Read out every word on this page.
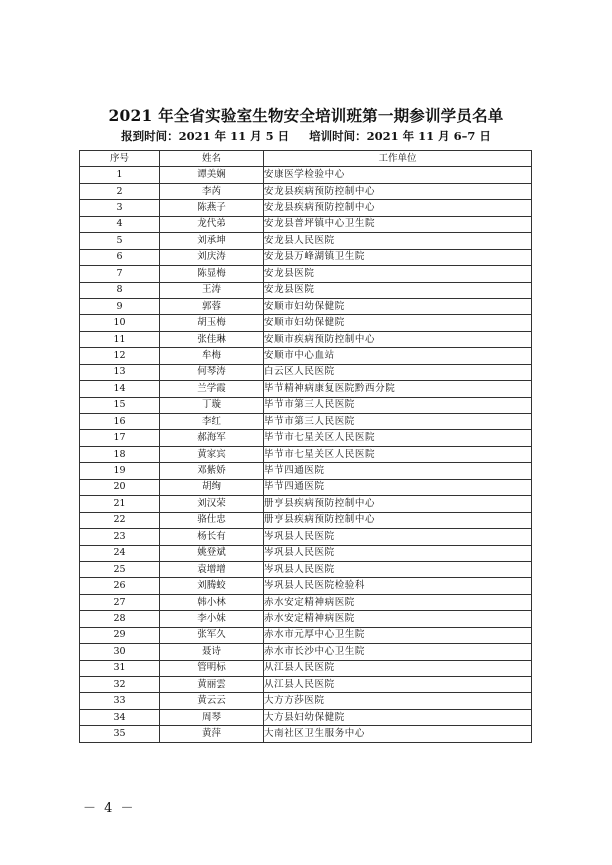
2021 年全省实验室生物安全培训班第一期参训学员名单
报到时间：2021 年 11 月 5 日 培训时间：2021 年 11 月 6–7 日
序号	姓名	工作单位
1	谭美娴	安康医学检验中心
2	李芮	安龙县疾病预防控制中心
3	陈燕子	安龙县疾病预防控制中心
4	龙代弟	安龙县普坪镇中心卫生院
5	刘承坤	安龙县人民医院
6	刘庆涛	安龙县万峰湖镇卫生院
7	陈显梅	安龙县医院
8	王涛	安龙县医院
9	郭蓉	安顺市妇幼保健院
10	胡玉梅	安顺市妇幼保健院
11	张佳琳	安顺市疾病预防控制中心
12	牟梅	安顺市中心血站
13	何琴涛	白云区人民医院
14	兰学霞	毕节精神病康复医院黔西分院
15	丁璇	毕节市第三人民医院
16	李红	毕节市第三人民医院
17	郝海军	毕节市七星关区人民医院
18	黄家宾	毕节市七星关区人民医院
19	邓紫娇	毕节四通医院
20	胡绚	毕节四通医院
21	刘汉荣	册亨县疾病预防控制中心
22	骆仕忠	册亨县疾病预防控制中心
23	杨长有	岑巩县人民医院
24	姚登斌	岑巩县人民医院
25	袁增增	岑巩县人民医院
26	刘腾蛟	岑巩县人民医院检验科
27	韩小林	赤水安定精神病医院
28	李小妹	赤水安定精神病医院
29	张军久	赤水市元厚中心卫生院
30	聂诗	赤水市长沙中心卫生院
31	管明标	从江县人民医院
32	黄丽雲	从江县人民医院
33	黄云云	大方方莎医院
34	周琴	大方县妇幼保健院
35	黄萍	大南社区卫生服务中心
－ 4 －
